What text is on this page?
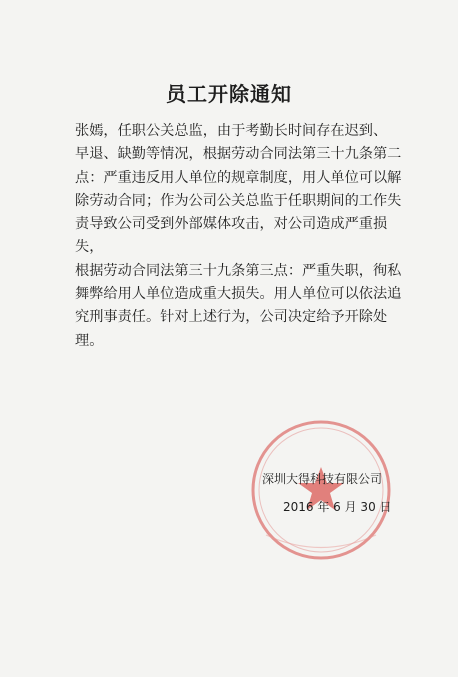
员工开除通知
张嫣，任职公关总监，由于考勤长时间存在迟到、
早退、缺勤等情况，根据劳动合同法第三十九条第二
点：严重违反用人单位的规章制度，用人单位可以解
除劳动合同；作为公司公关总监于任职期间的工作失
责导致公司受到外部媒体攻击，对公司造成严重损失，
根据劳动合同法第三十九条第三点：严重失职，徇私
舞弊给用人单位造成重大损失。用人单位可以依法追
究刑事责任。针对上述行为，公司决定给予开除处理。
深圳大得科技有限公司
2016 年 6 月 30 日
